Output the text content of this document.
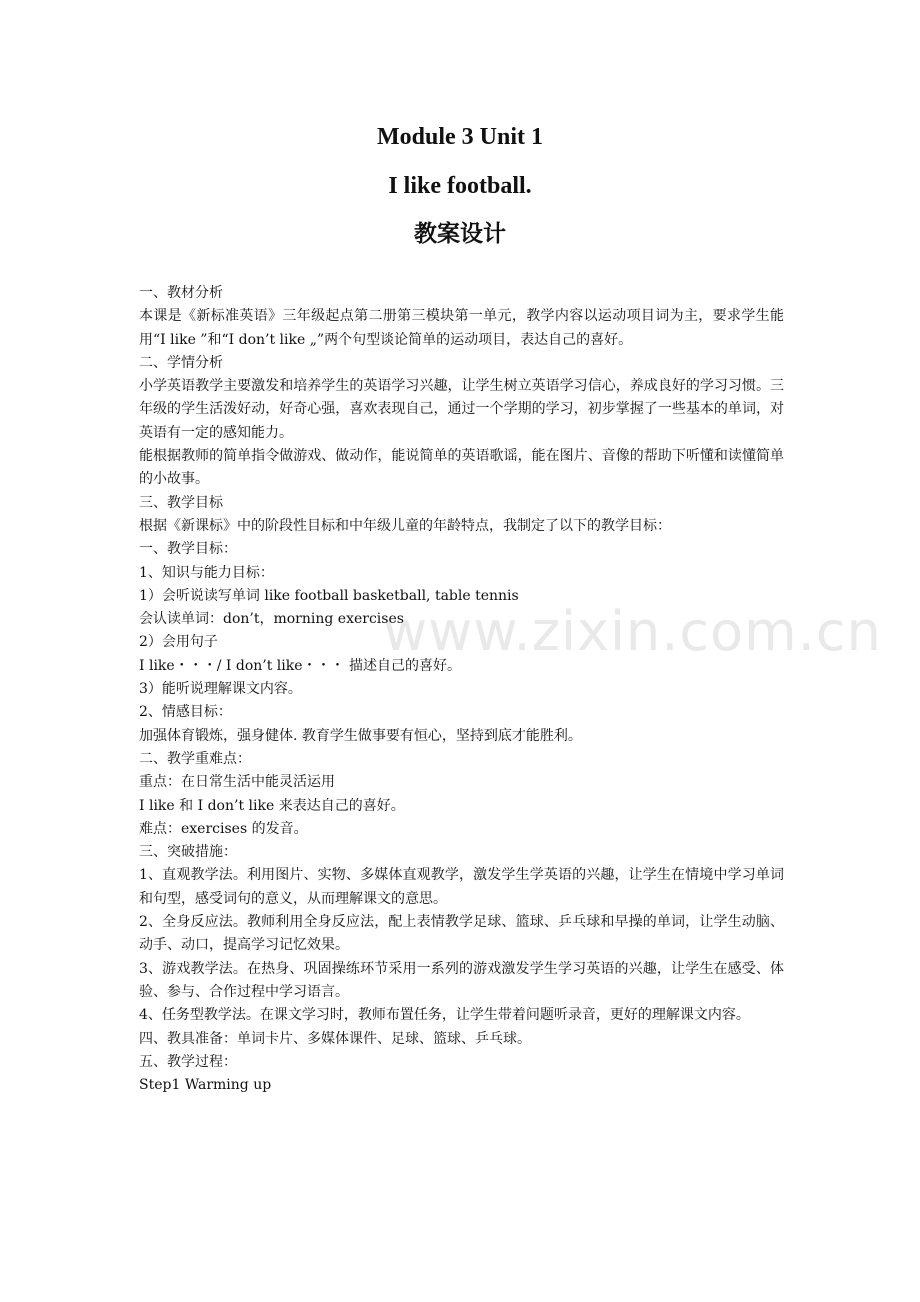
www.zixin.com.cn
Module 3 Unit 1
I like football.
教案设计
一、教材分析
本课是《新标准英语》三年级起点第二册第三模块第一单元，教学内容以运动项目词为主，要求学生能用“I like ”和“I don’t like „”两个句型谈论简单的运动项目，表达自己的喜好。
二、学情分析
小学英语教学主要激发和培养学生的英语学习兴趣，让学生树立英语学习信心，养成良好的学习习惯。三年级的学生活泼好动，好奇心强，喜欢表现自己，通过一个学期的学习，初步掌握了一些基本的单词，对英语有一定的感知能力。
能根据教师的简单指令做游戏、做动作，能说简单的英语歌谣，能在图片、音像的帮助下听懂和读懂简单的小故事。
三、教学目标
根据《新课标》中的阶段性目标和中年级儿童的年龄特点，我制定了以下的教学目标：
一、教学目标：
1、知识与能力目标：
1）会听说读写单词 like football basketball, table tennis
会认读单词：don’t，morning exercises
2）会用句子
I like・・・/ I don’t like・・・ 描述自己的喜好。
3）能听说理解课文内容。
2、情感目标：
加强体育锻炼，强身健体. 教育学生做事要有恒心，坚持到底才能胜利。
二、教学重难点：
重点：在日常生活中能灵活运用
I like 和 I don’t like 来表达自己的喜好。
难点：exercises 的发音。
三、突破措施：
1、直观教学法。利用图片、实物、多媒体直观教学，激发学生学英语的兴趣，让学生在情境中学习单词和句型，感受词句的意义，从而理解课文的意思。
2、全身反应法。教师利用全身反应法，配上表情教学足球、篮球、乒乓球和早操的单词，让学生动脑、动手、动口，提高学习记忆效果。
3、游戏教学法。在热身、巩固操练环节采用一系列的游戏激发学生学习英语的兴趣，让学生在感受、体验、参与、合作过程中学习语言。
4、任务型教学法。在课文学习时，教师布置任务，让学生带着问题听录音，更好的理解课文内容。
四、教具准备：单词卡片、多媒体课件、足球、篮球、乒乓球。
五、教学过程：
Step1 Warming up
